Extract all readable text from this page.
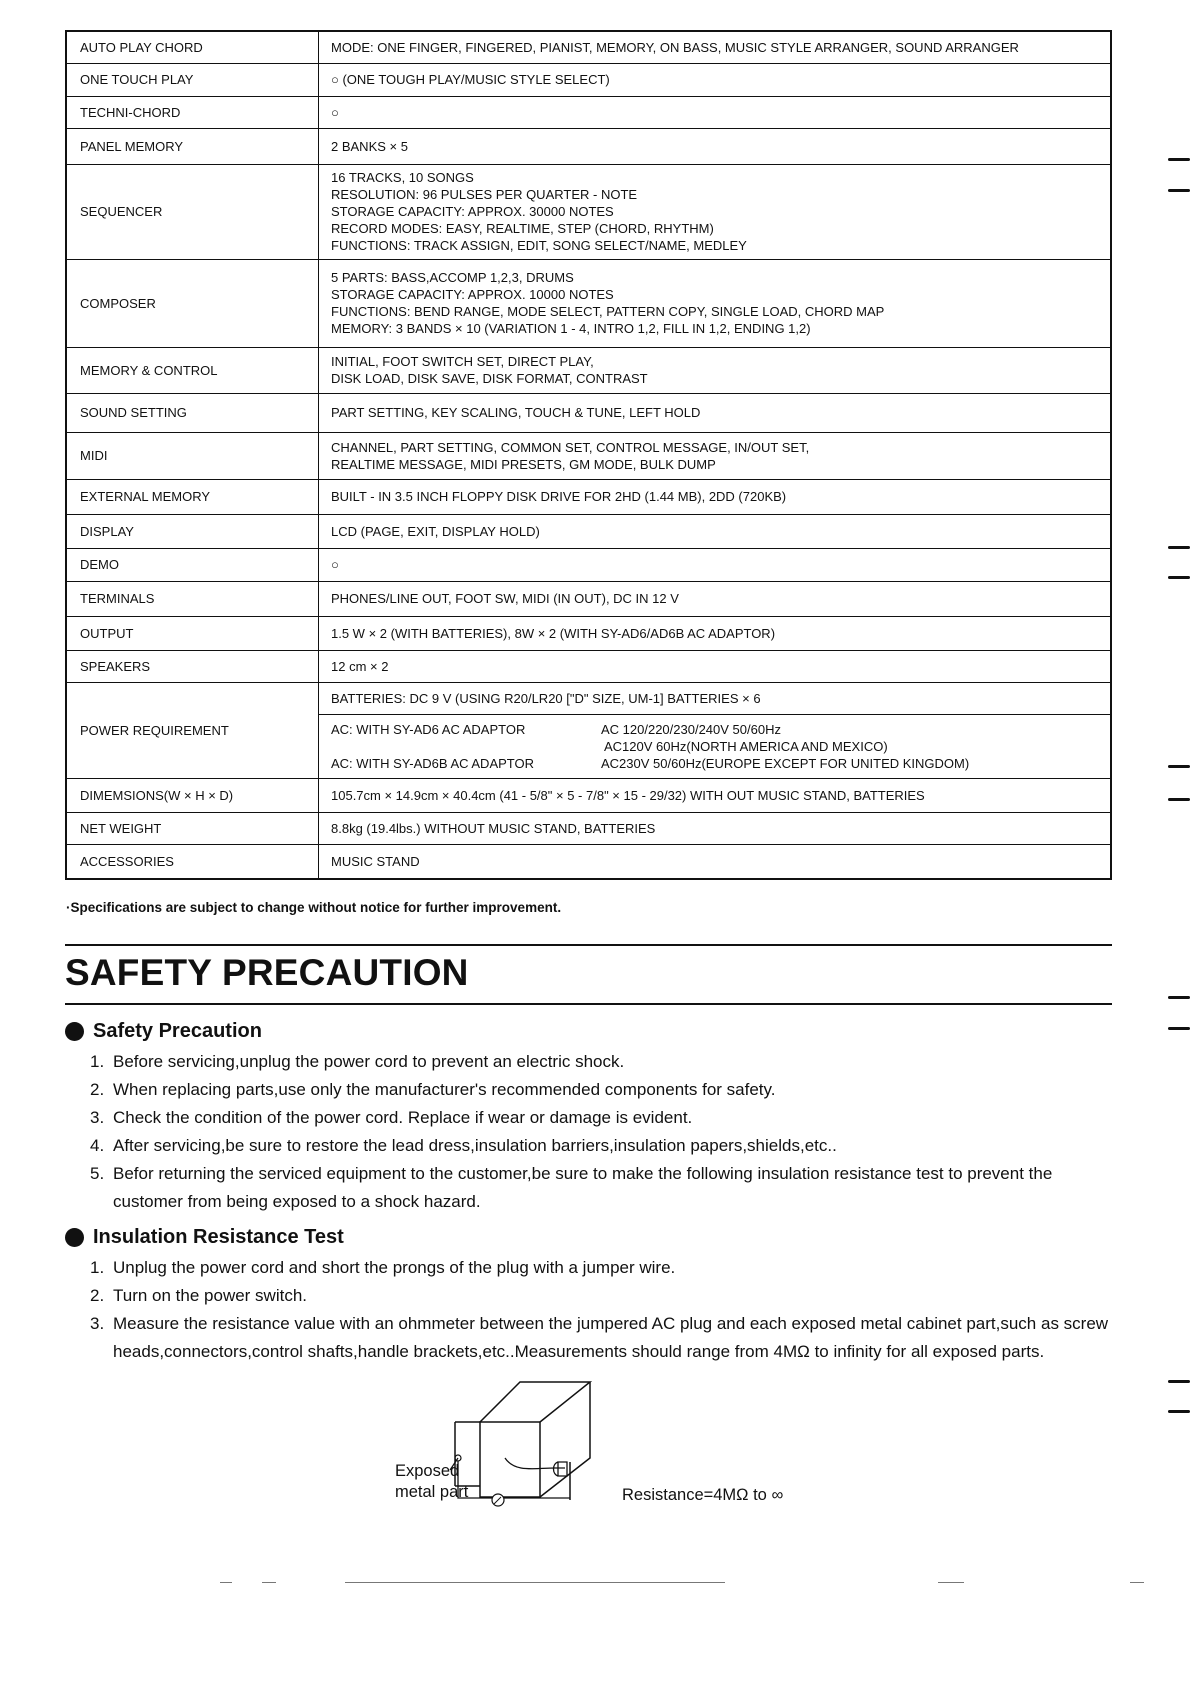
AUTO PLAY CHORD	MODE: ONE FINGER, FINGERED, PIANIST, MEMORY, ON BASS, MUSIC STYLE ARRANGER, SOUND ARRANGER

ONE TOUCH PLAY	○ (ONE TOUGH PLAY/MUSIC STYLE SELECT)

TECHNI-CHORD	○

PANEL MEMORY	2 BANKS × 5

SEQUENCER	16 TRACKS, 10 SONGS
RESOLUTION: 96 PULSES PER QUARTER - NOTE
STORAGE CAPACITY: APPROX. 30000 NOTES
RECORD MODES: EASY, REALTIME, STEP (CHORD, RHYTHM)
FUNCTIONS: TRACK ASSIGN, EDIT, SONG SELECT/NAME, MEDLEY

COMPOSER	5 PARTS: BASS,ACCOMP 1,2,3, DRUMS
STORAGE CAPACITY: APPROX. 10000 NOTES
FUNCTIONS: BEND RANGE, MODE SELECT, PATTERN COPY, SINGLE LOAD, CHORD MAP
MEMORY: 3 BANDS × 10 (VARIATION 1 - 4, INTRO 1,2, FILL IN 1,2, ENDING 1,2)

MEMORY & CONTROL	INITIAL, FOOT SWITCH SET, DIRECT PLAY,
DISK LOAD, DISK SAVE, DISK FORMAT, CONTRAST

SOUND SETTING	PART SETTING, KEY SCALING, TOUCH & TUNE, LEFT HOLD

MIDI	CHANNEL, PART SETTING, COMMON SET, CONTROL MESSAGE, IN/OUT SET,
REALTIME MESSAGE, MIDI PRESETS, GM MODE, BULK DUMP

EXTERNAL MEMORY	BUILT - IN 3.5 INCH FLOPPY DISK DRIVE FOR 2HD (1.44 MB), 2DD (720KB)

DISPLAY	LCD (PAGE, EXIT, DISPLAY HOLD)

DEMO	○

TERMINALS	PHONES/LINE OUT, FOOT SW, MIDI (IN OUT), DC IN 12 V

OUTPUT	1.5 W × 2 (WITH BATTERIES), 8W × 2 (WITH SY-AD6/AD6B AC ADAPTOR)

SPEAKERS	12 cm × 2

POWER REQUIREMENT	BATTERIES: DC 9 V (USING R20/LR20 ["D" SIZE, UM-1] BATTERIES × 6

	AC: WITH SY-AD6 AC ADAPTOR AC 120/220/230/240V 50/60Hz
AC120V 60Hz(NORTH AMERICA AND MEXICO)
AC: WITH SY-AD6B AC ADAPTOR AC230V 50/60Hz(EUROPE EXCEPT FOR UNITED KINGDOM)

DIMEMSIONS(W × H × D)	105.7cm × 14.9cm × 40.4cm (41 - 5/8" × 5 - 7/8" × 15 - 29/32) WITH OUT MUSIC STAND, BATTERIES

NET WEIGHT	8.8kg (19.4lbs.) WITHOUT MUSIC STAND, BATTERIES

ACCESSORIES	MUSIC STAND
·Specifications are subject to change without notice for further improvement.
SAFETY PRECAUTION
Safety Precaution
1. Before servicing,unplug the power cord to prevent an electric shock.
2. When replacing parts,use only the manufacturer's recommended components for safety.
3. Check the condition of the power cord. Replace if wear or damage is evident.
4. After servicing,be sure to restore the lead dress,insulation barriers,insulation papers,shields,etc..
5. Befor returning the serviced equipment to the customer,be sure to make the following insulation resistance test to prevent the customer from being exposed to a shock hazard.
Insulation Resistance Test
1. Unplug the power cord and short the prongs of the plug with a jumper wire.
2. Turn on the power switch.
3. Measure the resistance value with an ohmmeter between the jumpered AC plug and each exposed metal cabinet part,such as screw heads,connectors,control shafts,handle brackets,etc..Measurements should range from 4MΩ to infinity for all exposed parts.
Exposed
metal part	Resistance=4MΩ to ∞
